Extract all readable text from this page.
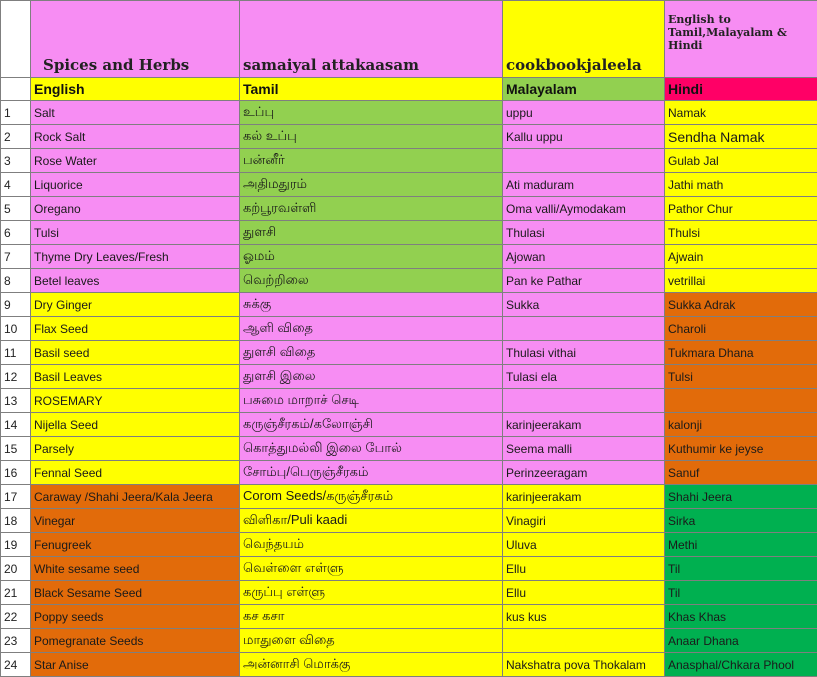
	Spices and Herbs	samaiyal attakaasam	cookbookjaleela	English to Tamil,Malayalam & Hindi
	English	Tamil	Malayalam	Hindi
1	Salt	உப்பு	uppu	Namak
2	Rock Salt	கல் உப்பு	Kallu uppu	Sendha Namak
3	Rose Water	பன்னீர்		Gulab Jal
4	Liquorice	அதிமதுரம்	Ati maduram	Jathi math
5	Oregano	கற்பூரவள்ளி	Oma valli/Aymodakam	Pathor Chur
6	Tulsi	துளசி	Thulasi	Thulsi
7	Thyme Dry Leaves/Fresh	ஓமம்	Ajowan	Ajwain
8	Betel leaves	வெற்றிலை	Pan ke Pathar	vetrillai
9	Dry Ginger	சுக்கு	Sukka	Sukka Adrak
10	Flax Seed	ஆளி விதை		Charoli
11	Basil seed	துளசி விதை	Thulasi vithai	Tukmara Dhana
12	Basil Leaves	துளசி இலை	Tulasi ela	Tulsi
13	ROSEMARY	பசுமை மாறாச் செடி		
14	Nijella Seed	கருஞ்சீரகம்/கலோஞ்சி	karinjeerakam	kalonji
15	Parsely	கொத்துமல்லி இலை போல்	Seema malli	Kuthumir ke jeyse
16	Fennal Seed	சோம்பு/பெருஞ்சீரகம்	Perinzeeragam	Sanuf
17	Caraway /Shahi Jeera/Kala Jeera	Corom Seeds/கருஞ்சீரகம்	karinjeerakam	Shahi Jeera
18	Vinegar	விளிகா/Puli kaadi	Vinagiri	Sirka
19	Fenugreek	வெந்தயம்	Uluva	Methi
20	White sesame seed	வெள்ளை எள்ளு	Ellu	Til
21	Black Sesame Seed	கருப்பு எள்ளு	Ellu	Til
22	Poppy seeds	கச கசா	kus kus	Khas Khas
23	Pomegranate Seeds	மாதுளை விதை		Anaar Dhana
24	Star Anise	அன்னாசி மொக்கு	Nakshatra pova Thokalam	Anasphal/Chkara Phool
